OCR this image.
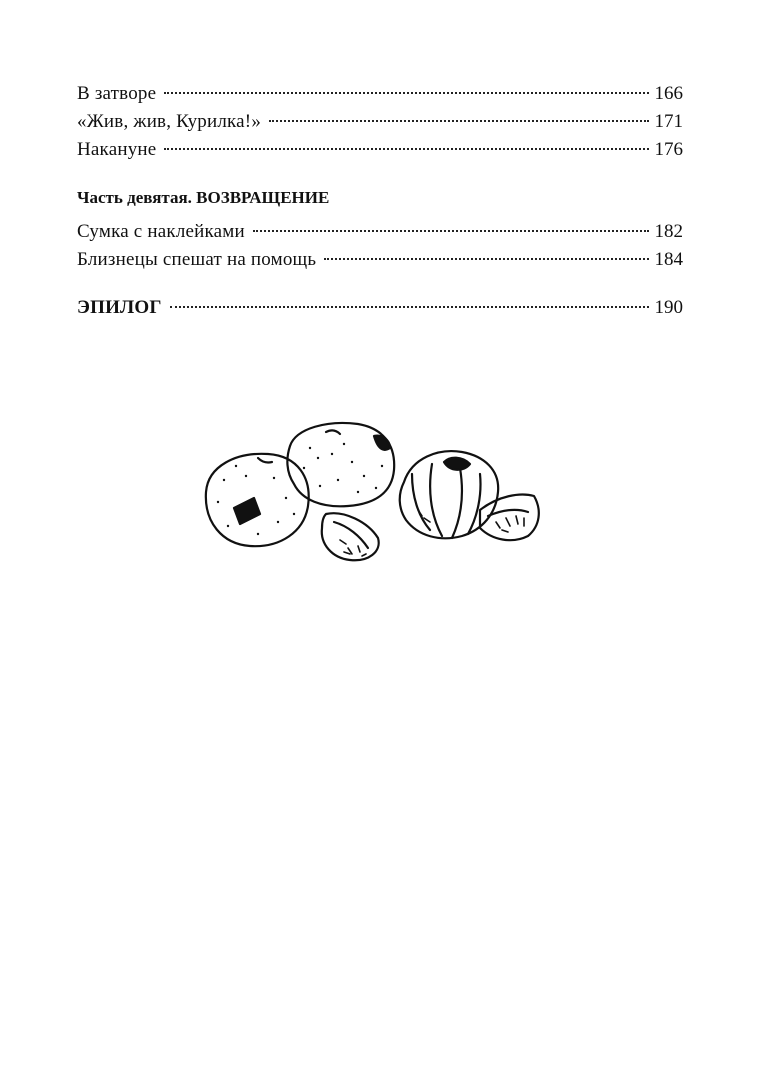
В затворе	166
«Жив, жив, Курилка!»	171
Накануне	176
Часть девятая. ВОЗВРАЩЕНИЕ
Сумка с наклейками	182
Близнецы спешат на помощь	184
ЭПИЛОГ	190
